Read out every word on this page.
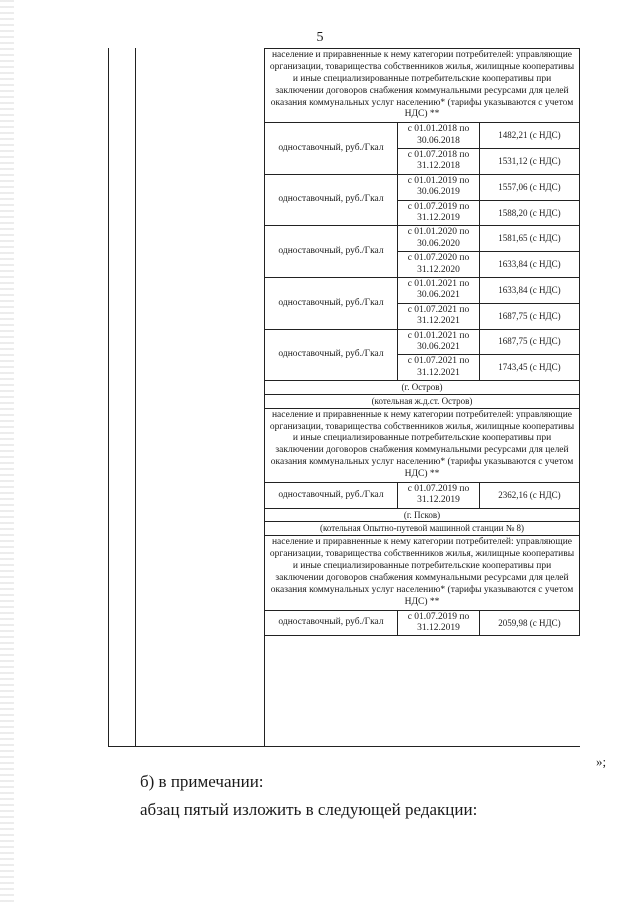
5
население и приравненные к нему категории потребителей: управляющие организации, товарищества собственников жилья, жилищные кооперативы и иные специализированные потребительские кооперативы при заключении договоров снабжения коммунальными ресурсами для целей оказания коммунальных услуг населению* (тарифы указываются с учетом НДС) **		
одноставочный, руб./Гкал	с 01.01.2018 по 30.06.2018	1482,21 (с НДС)
	с 01.07.2018 по 31.12.2018	1531,12 (с НДС)
одноставочный, руб./Гкал	с 01.01.2019 по 30.06.2019	1557,06 (с НДС)
	с 01.07.2019 по 31.12.2019	1588,20 (с НДС)
одноставочный, руб./Гкал	с 01.01.2020 по 30.06.2020	1581,65 (с НДС)
	с 01.07.2020 по 31.12.2020	1633,84 (с НДС)
одноставочный, руб./Гкал	с 01.01.2021 по 30.06.2021	1633,84 (с НДС)
	с 01.07.2021 по 31.12.2021	1687,75 (с НДС)
одноставочный, руб./Гкал	с 01.01.2021 по 30.06.2021	1687,75 (с НДС)
	с 01.07.2021 по 31.12.2021	1743,45 (с НДС)
(г. Остров)		
(котельная ж.д.ст. Остров)		
население и приравненные к нему категории потребителей: управляющие организации, товарищества собственников жилья, жилищные кооперативы и иные специализированные потребительские кооперативы при заключении договоров снабжения коммунальными ресурсами для целей оказания коммунальных услуг населению* (тарифы указываются с учетом НДС) **		
одноставочный, руб./Гкал	с 01.07.2019 по 31.12.2019	2362,16 (с НДС)
(г. Псков)		
(котельная Опытно-путевой машинной станции № 8)		
население и приравненные к нему категории потребителей: управляющие организации, товарищества собственников жилья, жилищные кооперативы и иные специализированные потребительские кооперативы при заключении договоров снабжения коммунальными ресурсами для целей оказания коммунальных услуг населению* (тарифы указываются с учетом НДС) **		
одноставочный, руб./Гкал	с 01.07.2019 по 31.12.2019	2059,98 (с НДС)
»;
б) в примечании:
абзац пятый изложить в следующей редакции:
